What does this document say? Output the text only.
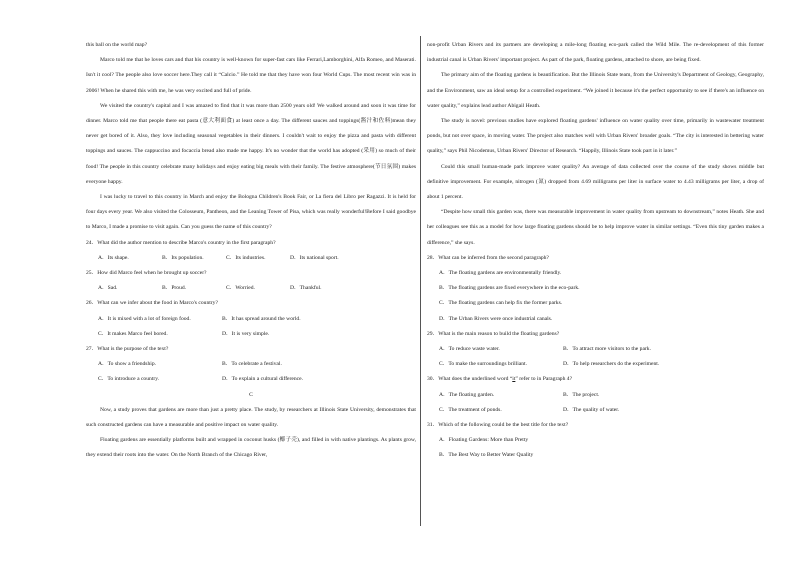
this ball on the world map?

Marco told me that he loves cars and that his country is well-known for super-fast cars like Ferrari,Lamborghini, Alfa Romeo, and Maserati. Isn't it cool? The people also love soccer here.They call it “Calcio.” He told me that they have won four World Cups. The most recent win was in 2006! When he shared this with me, he was very excited and full of pride.

We visited the country's capital and I was amazed to find that it was more than 2500 years old! We walked around and soon it was time for dinner. Marco told me that people there eat pasta (意大利面食) at least once a day. The different sauces and toppings(酱汁和佐料)mean they never get bored of it. Also, they love including seasonal vegetables in their dinners. I couldn't wait to enjoy the pizza and pasta with different toppings and sauces. The cappuccino and focaccia bread also made me happy. It's no wonder that the world has adopted (采用) so much of their food! The people in this country celebrate many holidays and enjoy eating big meals with their family. The festive atmosphere(节日氛围) makes everyone happy.

I was lucky to travel to this country in March and enjoy the Bologna Children's Book Fair, or La fiera del Libro per Ragazzi. It is held for four days every year. We also visited the Colosseum, Pantheon, and the Leaning Tower of Pisa, which was really wonderful!Before I said goodbye to Marco, I made a promise to visit again. Can you guess the name of this country?

24．What did the author mention to describe Marco's country in the first paragraph?

A．Its shape.	B．Its population.	C．Its industries.	D．Its national sport.

25．How did Marco feel when he brought up soccer?

A．Sad.	B．Proud.	C．Worried.	D．Thankful.

26．What can we infer about the food in Marco's country?

A．It is mixed with a lot of foreign food.	B．It has spread around the world.
C．It makes Marco feel bored.	D．It is very simple.

27．What is the purpose of the text?

A．To show a friendship.	B．To celebrate a festival.
C．To introduce a country.	D．To explain a cultural difference.

C

Now, a study proves that gardens are more than just a pretty place. The study, by researchers at Illinois State University, demonstrates that such constructed gardens can have a measurable and positive impact on water quality.

Floating gardens are essentially platforms built and wrapped in coconut husks (椰子壳), and filled in with native plantings. As plants grow, they extend their roots into the water. On the North Branch of the Chicago River,

non-profit Urban Rivers and its partners are developing a mile-long floating eco-park called the Wild Mile. The re-development of this former industrial canal is Urban Rivers' important project. As part of the park, floating gardens, attached to shore, are being fixed.

The primary aim of the floating gardens is beautification. But the Illinois State team, from the University's Department of Geology, Geography, and the Environment, saw an ideal setup for a controlled experiment. “We joined it because it's the perfect opportunity to see if there's an influence on water quality,” explains lead author Abigail Heath.

The study is novel: previous studies have explored floating gardens' influence on water quality over time, primarily in wastewater treatment ponds, but not over space, in moving water. The project also matches well with Urban Rivers' broader goals. “The city is interested in bettering water quality,” says Phil Nicodemus, Urban Rivers' Director of Research. “Happily, Illinois State took part in it later.”

Could this small human-made park improve water quality? An average of data collected over the course of the study shows middle but definitive improvement. For example, nitrogen (氮) dropped from 4.69 milligrams per liter in surface water to 4.43 milligrams per liter, a drop of about 1 percent.

“Despite how small this garden was, there was measurable improvement in water quality from upstream to downstream,” notes Heath. She and her colleagues see this as a model for how large floating gardens should be to help improve water in similar settings. “Even this tiny garden makes a difference,” she says.

28．What can be inferred from the second paragraph?

A．The floating gardens are environmentally friendly.

B．The floating gardens are fixed everywhere in the eco-park.

C．The floating gardens can help fix the former parks.

D．The Urban Rivers were once industrial canals.

29．What is the main reason to build the floating gardens?

A．To reduce waste water.	B．To attract more visitors to the park.
C．To make the surroundings brilliant.	D．To help researchers do the experiment.

30．What does the underlined word “it” refer to in Paragraph 4?

A．The floating garden.	B．The project.
C．The treatment of ponds.	D．The quality of water.

31．Which of the following could be the best title for the text?

A．Floating Gardens: More than Pretty

B．The Best Way to Better Water Quality
